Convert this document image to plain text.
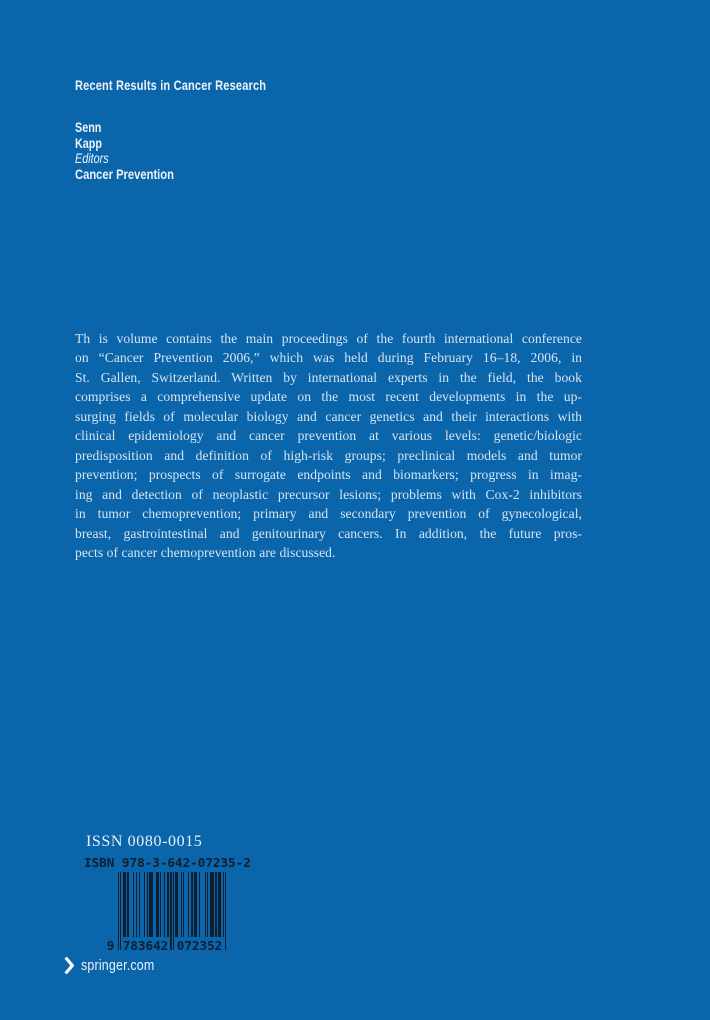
Recent Results in Cancer Research
Senn
Kapp
Editors
Cancer Prevention
Th is volume contains the main proceedings of the fourth international conference
on “Cancer Prevention 2006,” which was held during February 16–18, 2006, in
St. Gallen, Switzerland. Written by international experts in the field, the book
comprises a comprehensive update on the most recent developments in the up-
surging fields of molecular biology and cancer genetics and their interactions with
clinical epidemiology and cancer prevention at various levels: genetic/biologic
predisposition and definition of high-risk groups; preclinical models and tumor
prevention; prospects of surrogate endpoints and biomarkers; progress in imag-
ing and detection of neoplastic precursor lesions; problems with Cox-2 inhibitors
in tumor chemoprevention; primary and secondary prevention of gynecological,
breast, gastrointestinal and genitourinary cancers. In addition, the future pros-
pects of cancer chemoprevention are discussed.
ISSN 0080-0015
ISBN 978-3-642-07235-2
9 783642 072352
springer.com
